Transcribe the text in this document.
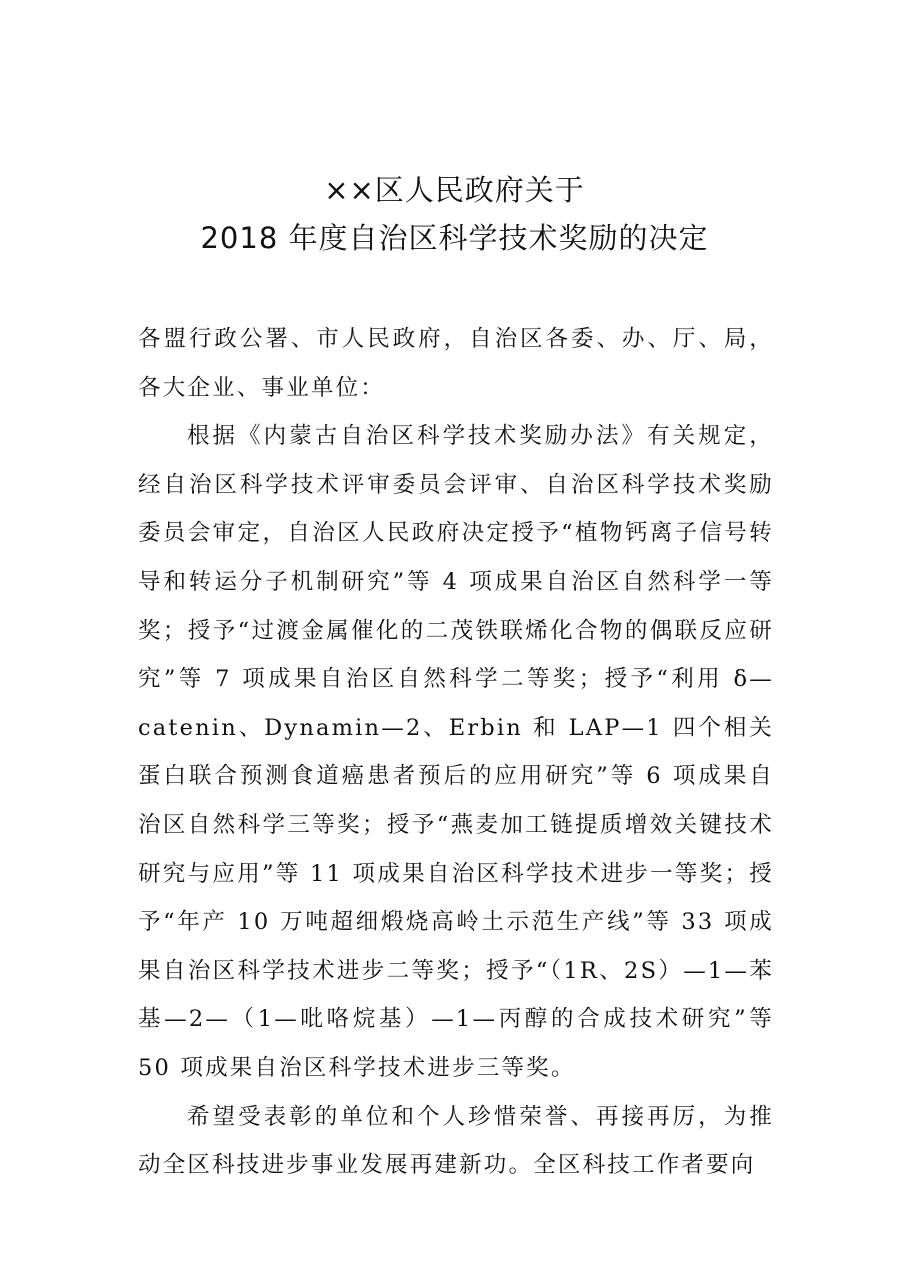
××区人民政府关于
2018 年度自治区科学技术奖励的决定

各盟行政公署、市人民政府，自治区各委、办、厅、局，各大企业、事业单位：

根据《内蒙古自治区科学技术奖励办法》有关规定，经自治区科学技术评审委员会评审、自治区科学技术奖励委员会审定，自治区人民政府决定授予“植物钙离子信号转导和转运分子机制研究”等 4 项成果自治区自然科学一等奖；授予“过渡金属催化的二茂铁联烯化合物的偶联反应研究”等 7 项成果自治区自然科学二等奖；授予“利用 δ—catenin、Dynamin—2、Erbin 和 LAP—1 四个相关蛋白联合预测食道癌患者预后的应用研究”等 6 项成果自治区自然科学三等奖；授予“燕麦加工链提质增效关键技术研究与应用”等 11 项成果自治区科学技术进步一等奖；授予“年产 10 万吨超细煅烧高岭土示范生产线”等 33 项成果自治区科学技术进步二等奖；授予“（1R、2S）—1—苯基—2—（1—吡咯烷基）—1—丙醇的合成技术研究”等 50 项成果自治区科学技术进步三等奖。

希望受表彰的单位和个人珍惜荣誉、再接再厉，为推动全区科技进步事业发展再建新功。全区科技工作者要向
